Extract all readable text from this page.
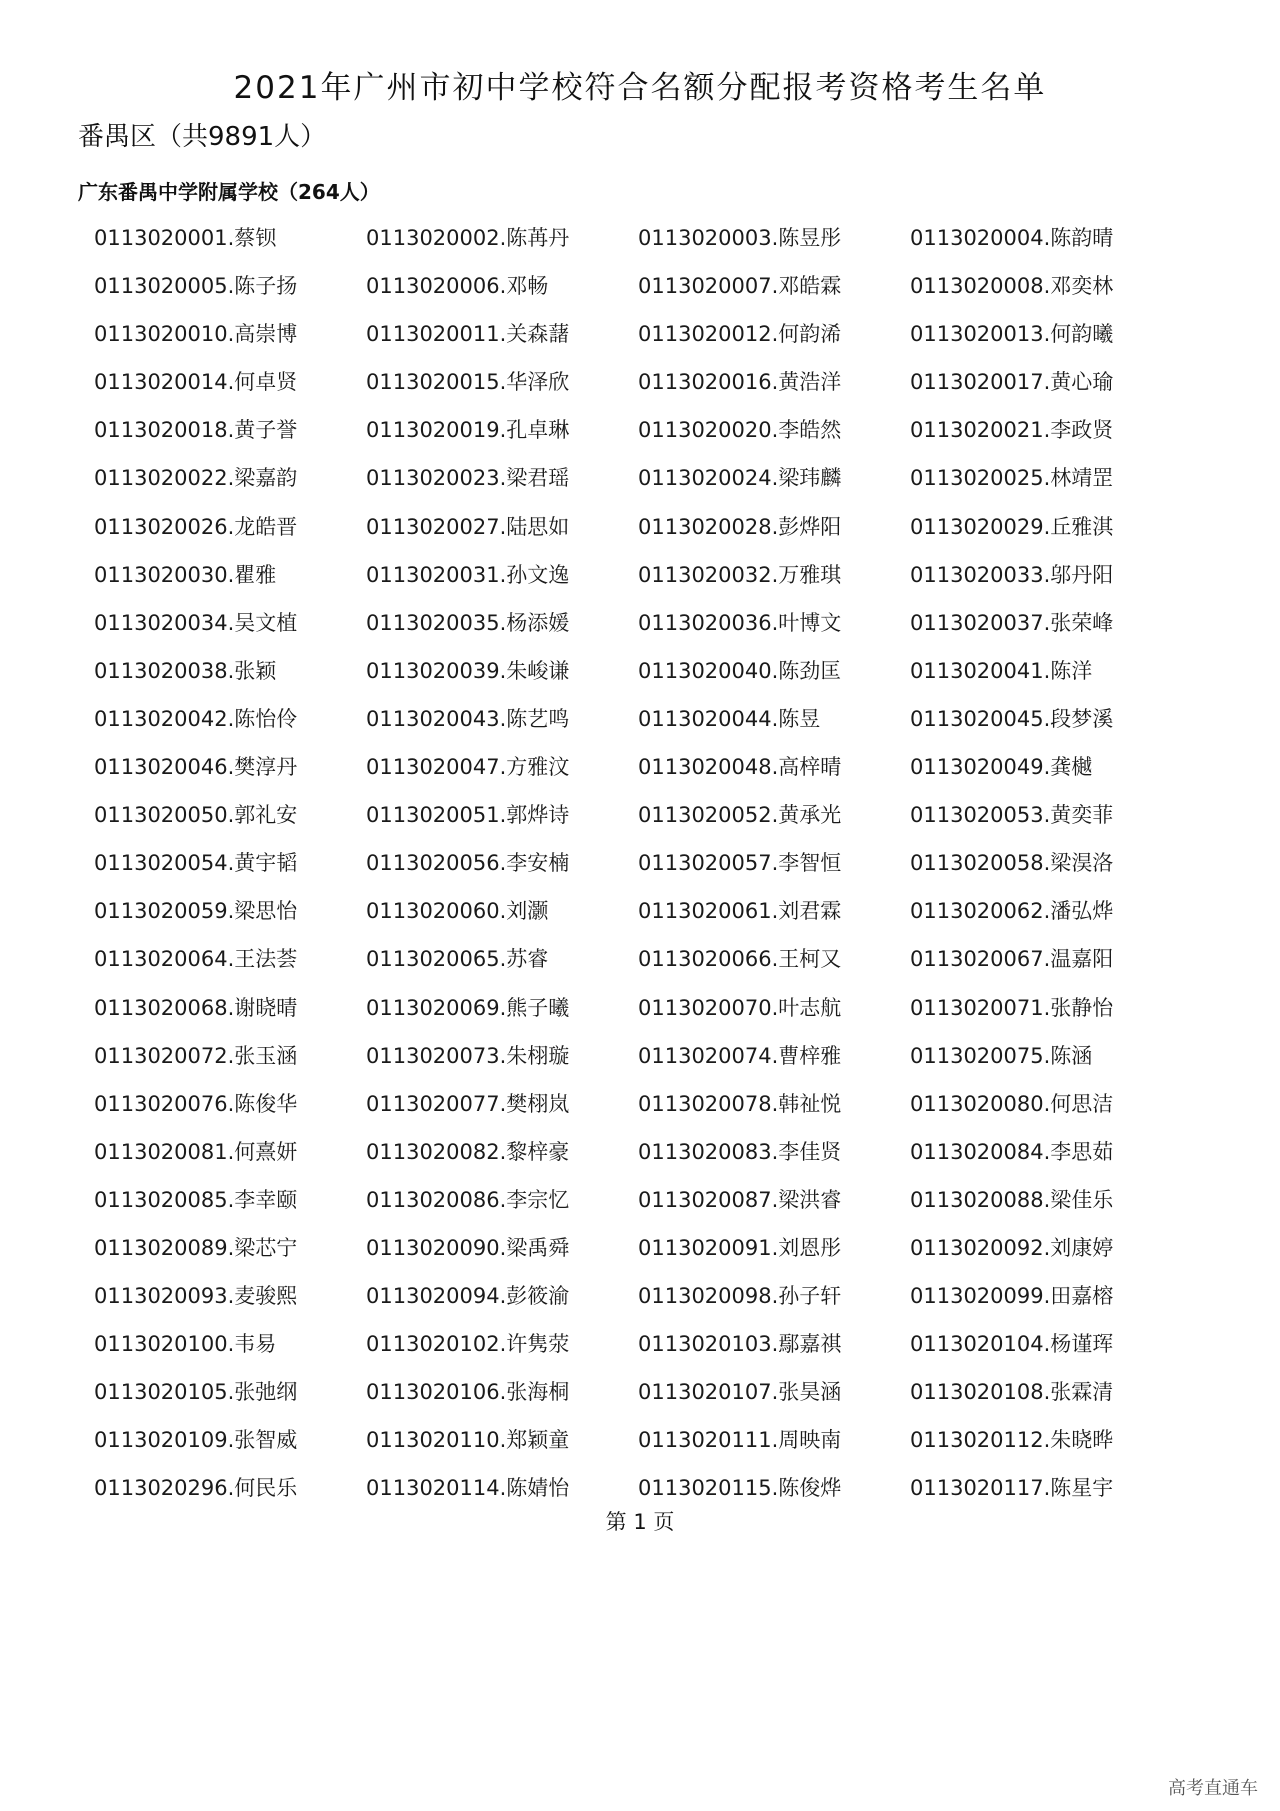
2021年广州市初中学校符合名额分配报考资格考生名单
番禺区（共9891人）
广东番禺中学附属学校（264人）
0113020001.蔡钡	0113020002.陈苒丹	0113020003.陈昱彤	0113020004.陈韵晴
0113020005.陈子扬	0113020006.邓畅	0113020007.邓皓霖	0113020008.邓奕林
0113020010.高崇博	0113020011.关森藷	0113020012.何韵浠	0113020013.何韵曦
0113020014.何卓贤	0113020015.华泽欣	0113020016.黄浩洋	0113020017.黄心瑜
0113020018.黄子誉	0113020019.孔卓琳	0113020020.李皓然	0113020021.李政贤
0113020022.梁嘉韵	0113020023.梁君瑶	0113020024.梁玮麟	0113020025.林靖罡
0113020026.龙皓晋	0113020027.陆思如	0113020028.彭烨阳	0113020029.丘雅淇
0113020030.瞿雅	0113020031.孙文逸	0113020032.万雅琪	0113020033.邬丹阳
0113020034.吴文植	0113020035.杨添媛	0113020036.叶博文	0113020037.张荣峰
0113020038.张颖	0113020039.朱峻谦	0113020040.陈劲匡	0113020041.陈洋
0113020042.陈怡伶	0113020043.陈艺鸣	0113020044.陈昱	0113020045.段梦溪
0113020046.樊淳丹	0113020047.方雅汶	0113020048.高梓晴	0113020049.龚樾
0113020050.郭礼安	0113020051.郭烨诗	0113020052.黄承光	0113020053.黄奕菲
0113020054.黄宇韬	0113020056.李安楠	0113020057.李智恒	0113020058.梁淏洛
0113020059.梁思怡	0113020060.刘灏	0113020061.刘君霖	0113020062.潘弘烨
0113020064.王法荟	0113020065.苏睿	0113020066.王柯又	0113020067.温嘉阳
0113020068.谢晓晴	0113020069.熊子曦	0113020070.叶志航	0113020071.张静怡
0113020072.张玉涵	0113020073.朱栩璇	0113020074.曹梓雅	0113020075.陈涵
0113020076.陈俊华	0113020077.樊栩岚	0113020078.韩祉悦	0113020080.何思洁
0113020081.何熹妍	0113020082.黎梓豪	0113020083.李佳贤	0113020084.李思茹
0113020085.李幸颐	0113020086.李宗忆	0113020087.梁洪睿	0113020088.梁佳乐
0113020089.梁芯宁	0113020090.梁禹舜	0113020091.刘恩彤	0113020092.刘康婷
0113020093.麦骏熙	0113020094.彭筱渝	0113020098.孙子轩	0113020099.田嘉榕
0113020100.韦易	0113020102.许隽荥	0113020103.鄢嘉祺	0113020104.杨谨珲
0113020105.张弛纲	0113020106.张海桐	0113020107.张昊涵	0113020108.张霖清
0113020109.张智威	0113020110.郑颖童	0113020111.周映南	0113020112.朱晓晔
0113020296.何民乐	0113020114.陈婧怡	0113020115.陈俊烨	0113020117.陈星宇
第 1 页
高考直通车
